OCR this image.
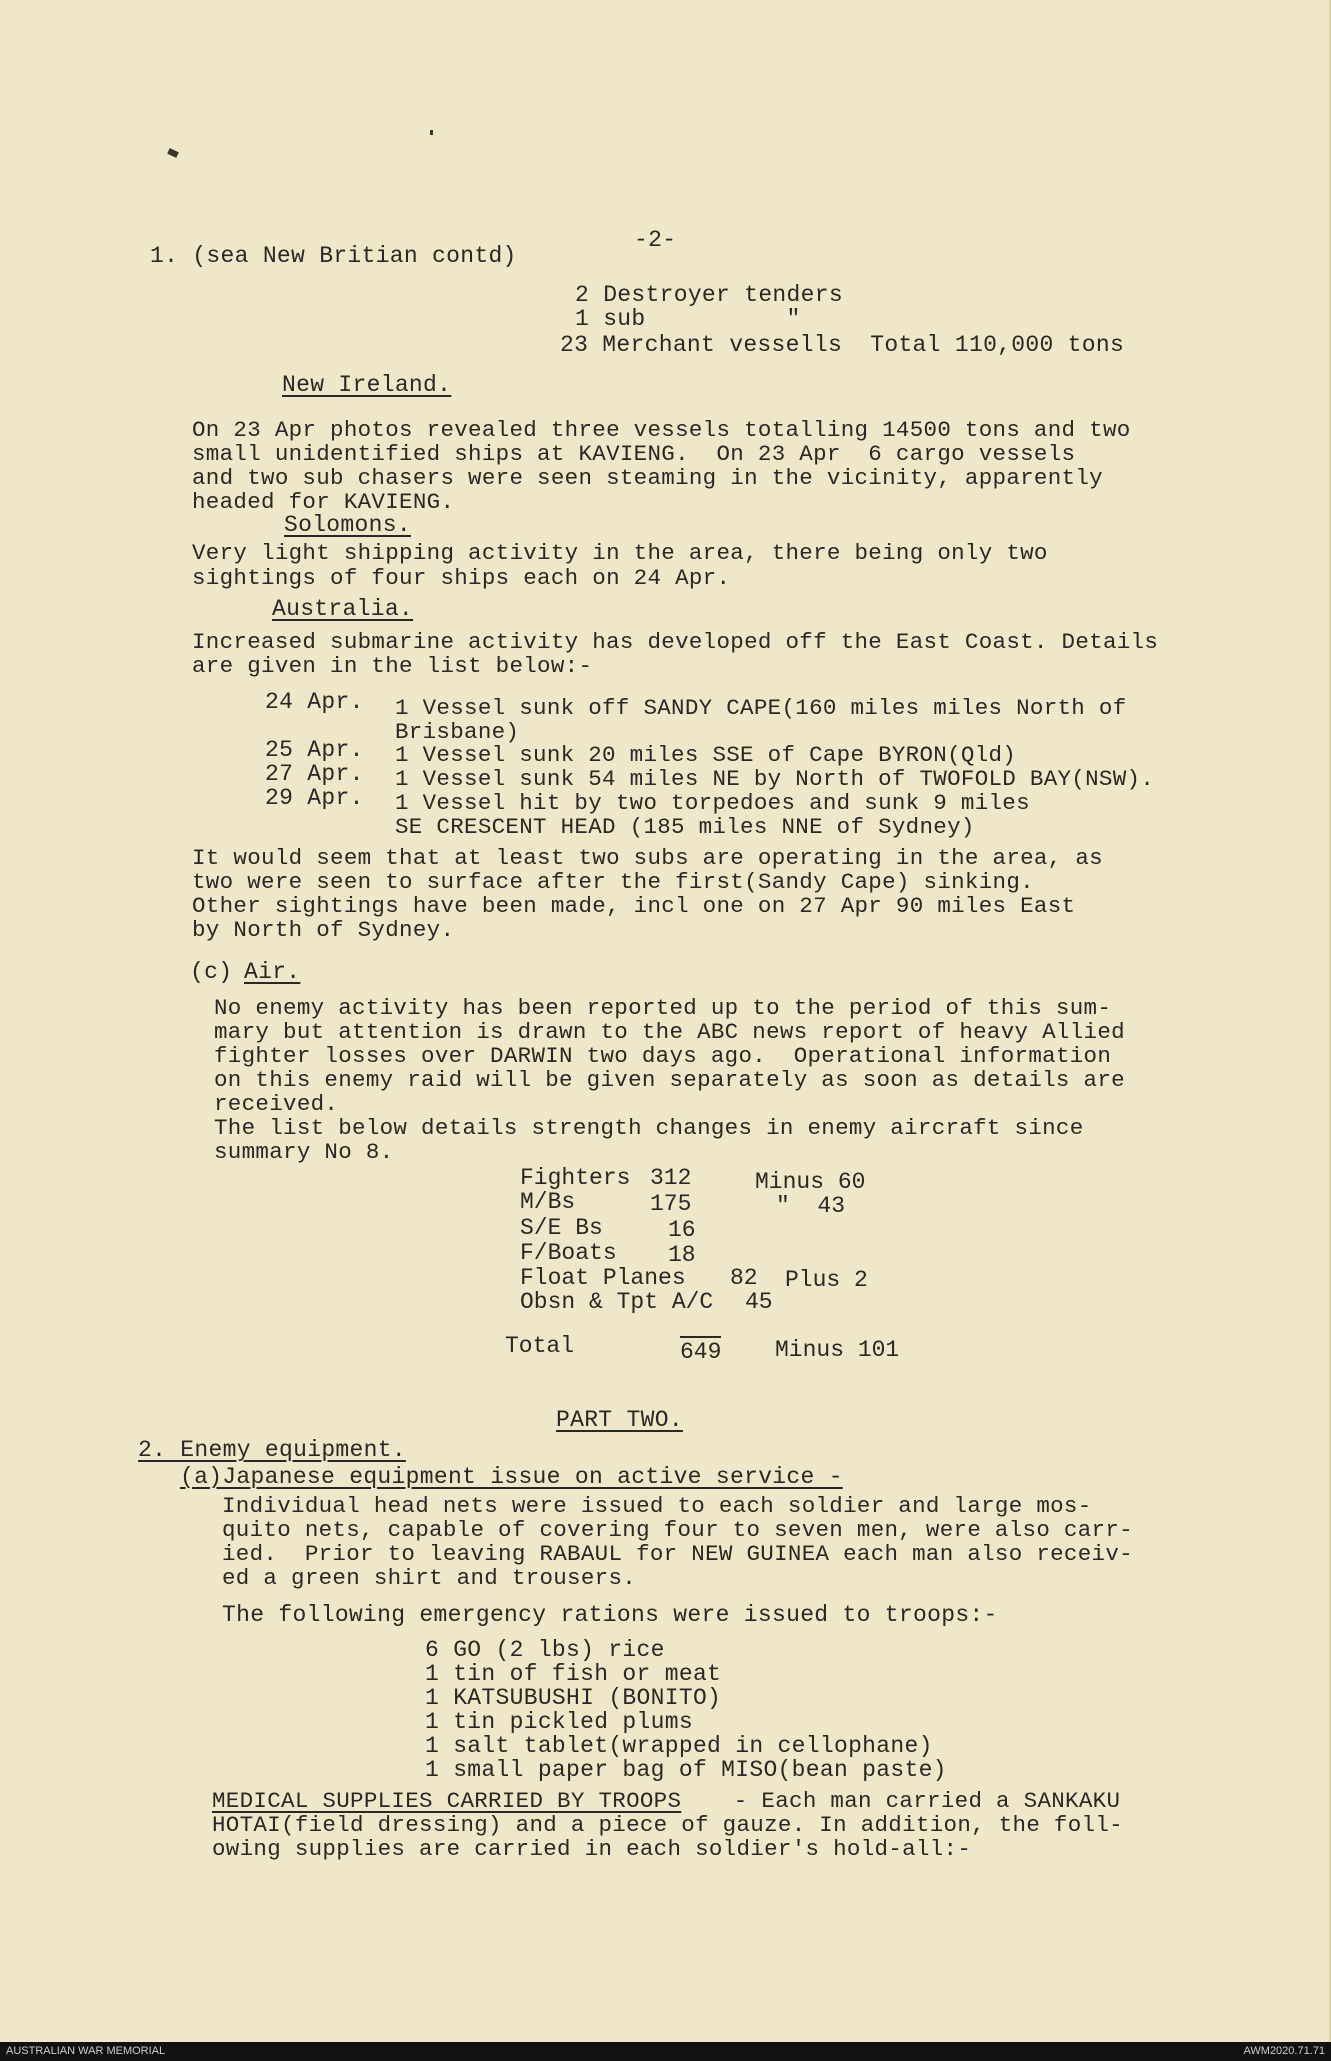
-2-
1. (sea New Britian contd)
2 Destroyer tenders
1 sub          "
23 Merchant vessells  Total 110,000 tons
New Ireland.
On 23 Apr photos revealed three vessels totalling 14500 tons and two
small unidentified ships at KAVIENG.  On 23 Apr  6 cargo vessels
and two sub chasers were seen steaming in the vicinity, apparently
headed for KAVIENG.
Solomons.
Very light shipping activity in the area, there being only two
sightings of four ships each on 24 Apr.
Australia.
Increased submarine activity has developed off the East Coast. Details
are given in the list below:-
24 Apr. 1 Vessel sunk off SANDY CAPE(160 miles miles North of
Brisbane)
25 Apr. 1 Vessel sunk 20 miles SSE of Cape BYRON(Qld)
27 Apr. 1 Vessel sunk 54 miles NE by North of TWOFOLD BAY(NSW).
29 Apr. 1 Vessel hit by two torpedoes and sunk 9 miles
SE CRESCENT HEAD (185 miles NNE of Sydney)
It would seem that at least two subs are operating in the area, as
two were seen to surface after the first(Sandy Cape) sinking.
Other sightings have been made, incl one on 27 Apr 90 miles East
by North of Sydney.
(c) Air.
No enemy activity has been reported up to the period of this sum-
mary but attention is drawn to the ABC news report of heavy Allied
fighter losses over DARWIN two days ago.  Operational information
on this enemy raid will be given separately as soon as details are
received.
The list below details strength changes in enemy aircraft since
summary No 8.
Fighters 312	Minus 60
M/Bs	175	"  43
S/E Bs	16
F/Boats 18
Float Planes 82 Plus 2
Obsn & Tpt A/C 45
Total	649 Minus 101
PART TWO.
2. Enemy equipment.
(a)Japanese equipment issue on active service -
Individual head nets were issued to each soldier and large mos-
quito nets, capable of covering four to seven men, were also carr-
ied.  Prior to leaving RABAUL for NEW GUINEA each man also receiv-
ed a green shirt and trousers.
The following emergency rations were issued to troops:-
6 GO (2 lbs) rice
1 tin of fish or meat
1 KATSUBUSHI (BONITO)
1 tin pickled plums
1 salt tablet(wrapped in cellophane)
1 small paper bag of MISO(bean paste)
MEDICAL SUPPLIES CARRIED BY TROOPS - Each man carried a SANKAKU
HOTAI(field dressing) and a piece of gauze. In addition, the foll-
owing supplies are carried in each soldier's hold-all:-
AUSTRALIAN WAR MEMORIAL	AWM2020.71.71
